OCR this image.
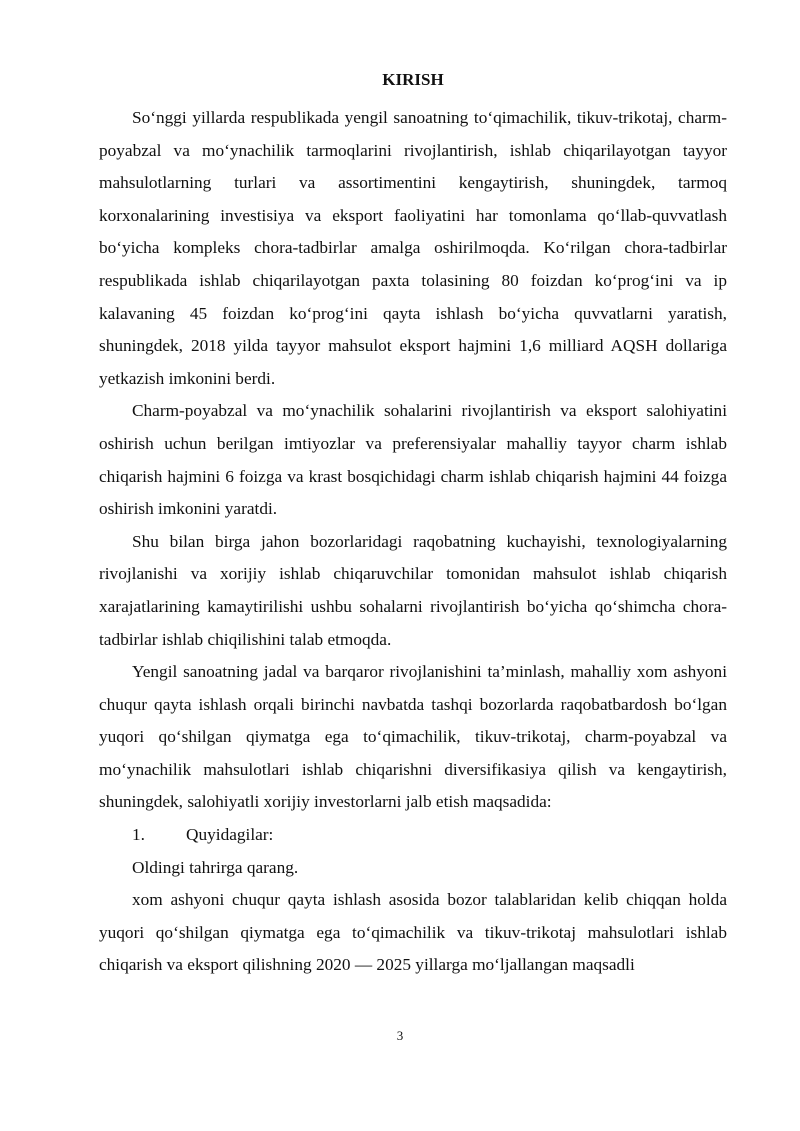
KIRISH

So‘nggi yillarda respublikada yengil sanoatning to‘qimachilik, tikuv-trikotaj, charm-poyabzal va mo‘ynachilik tarmoqlarini rivojlantirish, ishlab chiqarilayotgan tayyor mahsulotlarning turlari va assortimentini kengaytirish, shuningdek, tarmoq korxonalarining investisiya va eksport faoliyatini har tomonlama qo‘llab-quvvatlash bo‘yicha kompleks chora-tadbirlar amalga oshirilmoqda. Ko‘rilgan chora-tadbirlar respublikada ishlab chiqarilayotgan paxta tolasining 80 foizdan ko‘prog‘ini va ip kalavaning 45 foizdan ko‘prog‘ini qayta ishlash bo‘yicha quvvatlarni yaratish, shuningdek, 2018 yilda tayyor mahsulot eksport hajmini 1,6 milliard AQSH dollariga yetkazish imkonini berdi.

Charm-poyabzal va mo‘ynachilik sohalarini rivojlantirish va eksport salohiyatini oshirish uchun berilgan imtiyozlar va preferensiyalar mahalliy tayyor charm ishlab chiqarish hajmini 6 foizga va krast bosqichidagi charm ishlab chiqarish hajmini 44 foizga oshirish imkonini yaratdi.

Shu bilan birga jahon bozorlaridagi raqobatning kuchayishi, texnologiyalarning rivojlanishi va xorijiy ishlab chiqaruvchilar tomonidan mahsulot ishlab chiqarish xarajatlarining kamaytirilishi ushbu sohalarni rivojlantirish bo‘yicha qo‘shimcha chora-tadbirlar ishlab chiqilishini talab etmoqda.

Yengil sanoatning jadal va barqaror rivojlanishini ta’minlash, mahalliy xom ashyoni chuqur qayta ishlash orqali birinchi navbatda tashqi bozorlarda raqobatbardosh bo‘lgan yuqori qo‘shilgan qiymatga ega to‘qimachilik, tikuv-trikotaj, charm-poyabzal va mo‘ynachilik mahsulotlari ishlab chiqarishni diversifikasiya qilish va kengaytirish, shuningdek, salohiyatli xorijiy investorlarni jalb etish maqsadida:

1. Quyidagilar:

Oldingi tahrirga qarang.

xom ashyoni chuqur qayta ishlash asosida bozor talablaridan kelib chiqqan holda yuqori qo‘shilgan qiymatga ega to‘qimachilik va tikuv-trikotaj mahsulotlari ishlab chiqarish va eksport qilishning 2020 — 2025 yillarga mo‘ljallangan maqsadli

3
